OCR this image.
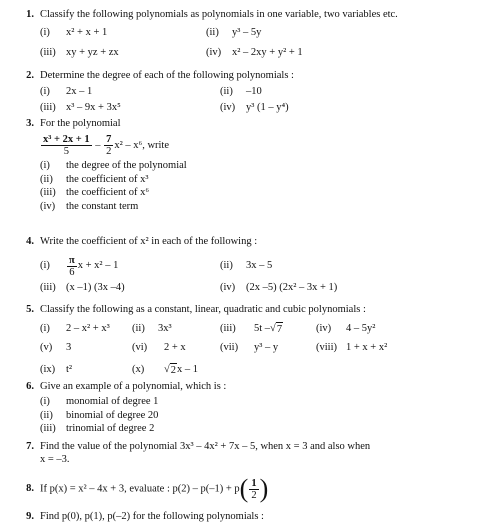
1. Classify the following polynomials as polynomials in one variable, two variables etc.
(i)	x² + x + 1	(ii)	y³ – 5y
(iii) xy + yz + zx	(iv)	x² – 2xy + y² + 1
2. Determine the degree of each of the following polynomials :
(i)	2x – 1	(ii)	–10
(iii) x³ – 9x + 3x⁵	(iv)	y³ (1 – y⁴)
3. For the polynomial
$\frac{\text{x³ + 2x + 1}}{5} - \frac{7}{2} x^2 - x^6$, write
(i)	the degree of the polynomial
(ii)	the coefficient of x³
(iii) the coefficient of x⁶
(iv)	the constant term
4. Write the coefficient of x² in each of the following :
(i)	$\frac{\pi}{6}$ x + x² – 1	(ii)	3x – 5
(iii) (x –1) (3x –4)	(iv)	(2x –5) (2x² – 3x + 1)
5. Classify the following as a constant, linear, quadratic and cubic polynomials :
(i)	2 – x² + x³ (ii)	3x³	(iii)	5t – √ 7	(iv)	4 – 5y²
(v)	3	(vi)	2 + x	(vii)	y³ – y	(viii) 1 + x + x²
(ix)	t²	(x)	√ 2 x – 1
6. Give an example of a polynomial, which is :
(i)	monomial of degree 1
(ii)	binomial of degree 20
(iii) trinomial of degree 2
7. Find the value of the polynomial 3x³ – 4x² + 7x – 5, when x = 3 and also when
x = –3.
8. If p(x) = x² – 4x + 3, evaluate : $p(2) - p(-1) + p( \frac{1}{2}$ )
9. Find p(0), p(1), p(–2) for the following polynomials :
